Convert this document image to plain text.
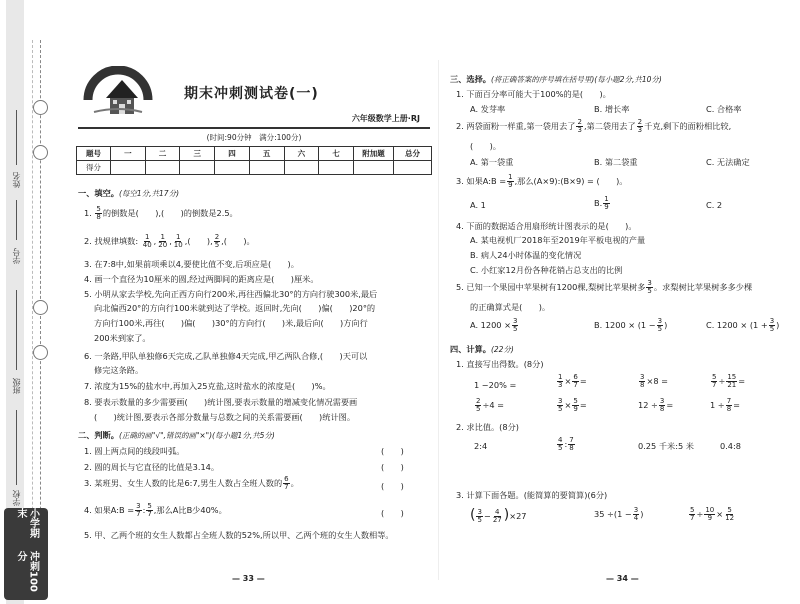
姓名
学号
班级
学校
小学期末
冲刺100分
期末冲刺测试卷(一)
六年级数学上册·RJ
(时间:90分钟　满分:100分)
题号	一	二	三	四	五	六	七	附加题	总分
得分									
一、填空。(每空1分,共17分)
1. $\frac{5}{8}$ 的倒数是(　　),(　　)的倒数是2.5。
2. 找规律填数: $\frac{1}{40}$ , $\frac{1}{20}$ , $\frac{1}{10}$ ,(　　), $\frac{2}{5}$ ,(　　)。
3. 在7:8中,如果前项乘以4,要使比值不变,后项应是(　　)。
4. 画一个直径为10厘米的圆,经过两脚间的距离应是(　　)厘米。
5. 小明从家去学校,先向正西方向行200米,再往西偏北30°的方向行驶300米,最后
向北偏西20°的方向行100米就到达了学校。返回时,先向(　　)偏(　　)20°的
方向行100米,再往(　　)偏(　　)30°的方向行(　　)米,最后向(　　)方向行
200米到家了。
6. 一条路,甲队单独修6天完成,乙队单独修4天完成,甲乙两队合修,(　　)天可以
修完这条路。
7. 浓度为15%的盐水中,再加入25克盐,这时盐水的浓度是(　　)%。
8. 要表示数量的多少需要画(　　)统计图,要表示数量的增减变化情况需要画
(　　)统计图,要表示各部分数量与总数之间的关系需要画(　　)统计图。
二、判断。(正确的画"√",错误的画"×")(每小题1分,共5分)
1. 圆上两点间的线段叫弧。	(　　)
2. 圆的周长与它直径的比值是3.14。	(　　)
3. 某班男、女生人数的比是6:7,男生人数占全班人数的 $\frac{6}{7}$ 。	(　　)
4. 如果A:B = $\frac{3}{7}$ : $\frac{5}{7}$ ,那么A比B少40%。	(　　)
5. 甲、乙两个班的女生人数都占全班人数的52%,所以甲、乙两个班的女生人数相等。
— 33 —
三、选择。(将正确答案的序号填在括号里)(每小题2分,共10分)
1. 下面百分率可能大于100%的是(　　)。
A. 发芽率	B. 增长率	C. 合格率
2. 两袋面粉一样重,第一袋用去了 $\frac{2}{3}$ ,第二袋用去了 $\frac{2}{3}$ 千克,剩下的面粉相比较,
(　　)。
A. 第一袋重	B. 第二袋重	C. 无法确定
3. 如果A:B = $\frac{1}{9}$ ,那么(A×9):(B×9) = (　　)。
A. 1	B. $\frac{1}{9}$	C. 2
4. 下面的数据适合用扇形统计图表示的是(　　)。
A. 某电视机厂2018年至2019年平板电视的产量
B. 病人24小时体温的变化情况
C. 小红家12月份各种花销占总支出的比例
5. 已知一个果园中苹果树有1200棵,梨树比苹果树多 $\frac{3}{5}$ 。求梨树比苹果树多多少棵
的正确算式是(　　)。
A. $1200 \times \frac{3}{5}$	B. $1200 \times (1 - \frac{3}{5}$ )	C. $1200 \times (1 + \frac{3}{5}$ )
四、计算。(22分)
1. 直接写出得数。(8分)
1 −20% =	$\frac{1}{3} \times \frac{6}{7}$ =	$\frac{3}{8} \times 8$ =	$\frac{5}{7} \div \frac{15}{21}$ =
$\frac{2}{5} \div 4$ =	$\frac{3}{5} \times \frac{5}{9}$ =	$12 \div \frac{3}{8}$ =	$1 \div \frac{7}{8}$ =
2. 求比值。(8分)
2:4	$\frac{4}{5}$ : $\frac{7}{8}$	0.25 千米:5 米	0.4:8
3. 计算下面各题。(能简算的要简算)(6分)
( $\frac{3}{5} - \frac{4}{27} )\times 27$	$35 \div(1 - \frac{3}{4}$ )	$\frac{5}{7} \div \frac{10}{9} \times \frac{5}{12}$
— 34 —
